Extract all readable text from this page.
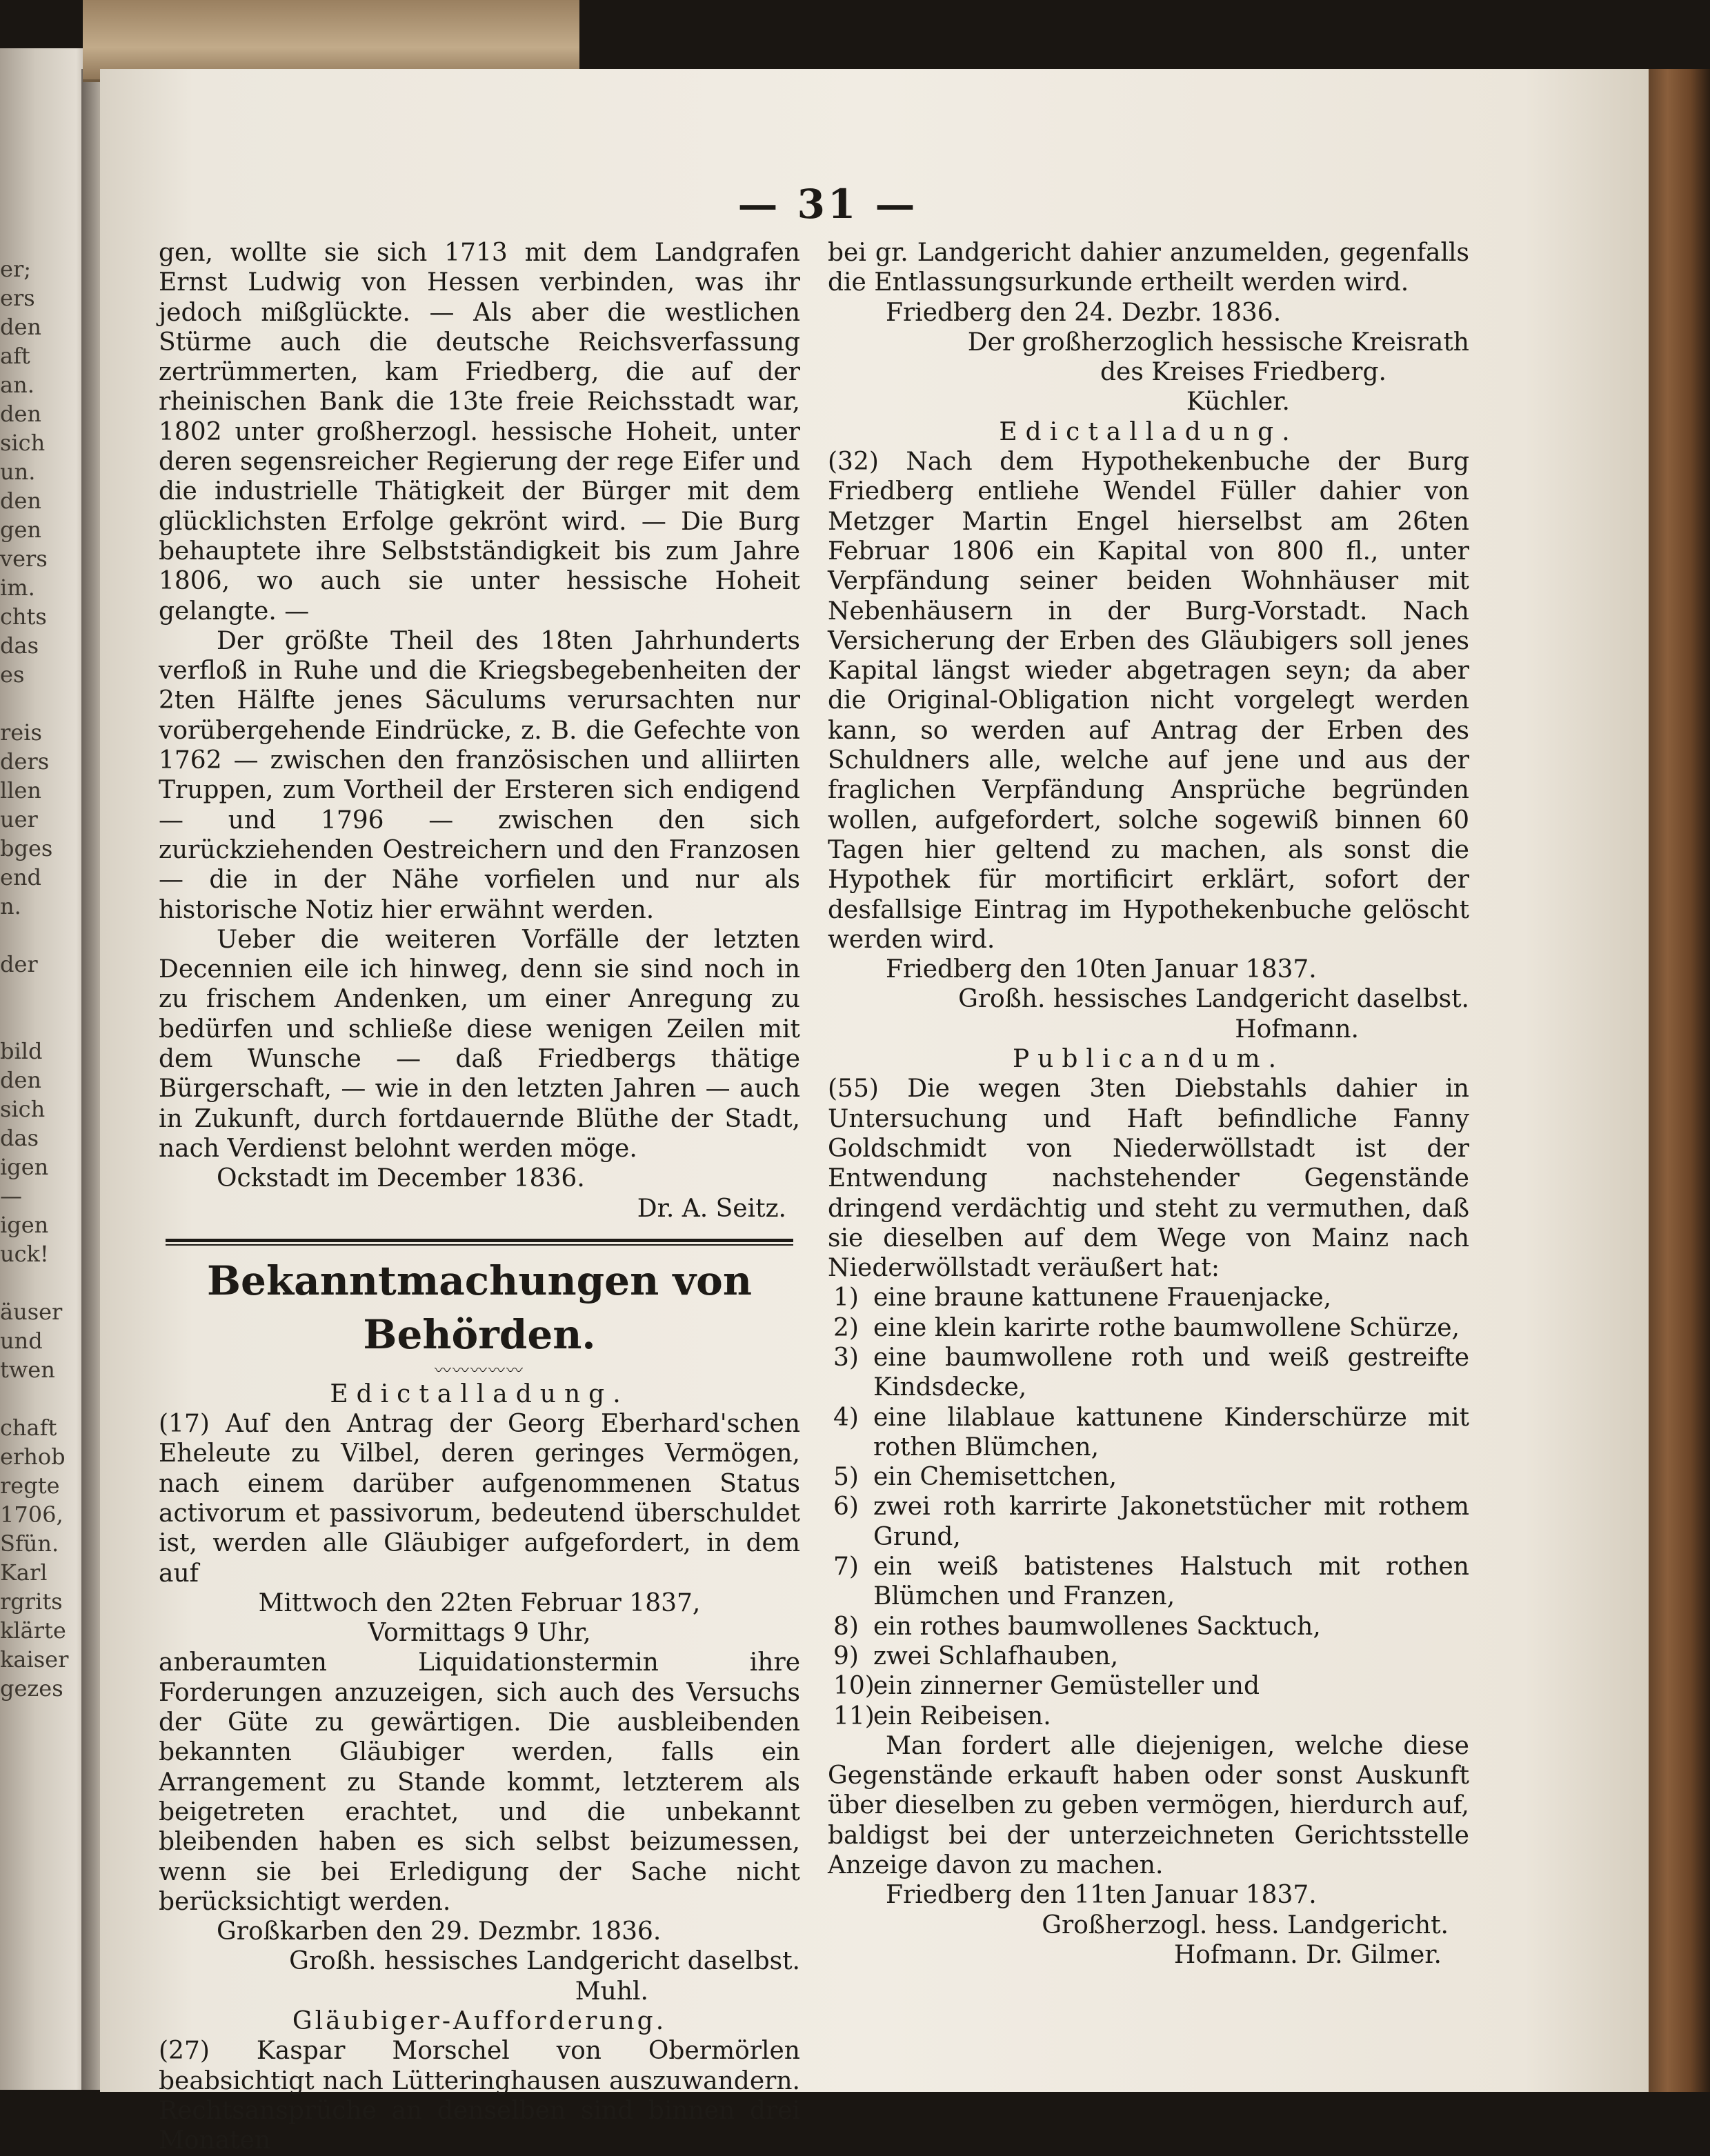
er;
ers
den
aft
an.
den
sich
un.
den
gen
vers
im.
chts
das
es
reis
ders
llen
uer
bges
end
n.
der
bild
den
sich
das
igen
—
igen
uck!
äuser
und
twen
chaft
erhob
regte
1706,
Sfün.
Karl
rgrits
klärte
kaiser
gezes
— 31 —

gen, wollte sie sich 1713 mit dem Landgrafen Ernst Ludwig von Hessen verbinden, was ihr jedoch mißglückte. — Als aber die westlichen Stürme auch die deutsche Reichsverfassung zertrümmerten, kam Friedberg, die auf der rheinischen Bank die 13te freie Reichsstadt war, 1802 unter großherzogl. hessische Hoheit, unter deren segensreicher Regierung der rege Eifer und die industrielle Thätigkeit der Bürger mit dem glücklichsten Erfolge gekrönt wird. — Die Burg behauptete ihre Selbstständigkeit bis zum Jahre 1806, wo auch sie unter hessische Hoheit gelangte. —

Der größte Theil des 18ten Jahrhunderts verfloß in Ruhe und die Kriegsbegebenheiten der 2ten Hälfte jenes Säculums verursachten nur vorübergehende Eindrücke, z. B. die Gefechte von 1762 — zwischen den französischen und alliirten Truppen, zum Vortheil der Ersteren sich endigend — und 1796 — zwischen den sich zurückziehenden Oestreichern und den Franzosen — die in der Nähe vorfielen und nur als historische Notiz hier erwähnt werden.

Ueber die weiteren Vorfälle der letzten Decennien eile ich hinweg, denn sie sind noch in zu frischem Andenken, um einer Anregung zu bedürfen und schließe diese wenigen Zeilen mit dem Wunsche — daß Friedbergs thätige Bürgerschaft, — wie in den letzten Jahren — auch in Zukunft, durch fortdauernde Blüthe der Stadt, nach Verdienst belohnt werden möge.

Ockstadt im December 1836.

Dr. A. Seitz.

Bekanntmachungen von Behörden.

〰〰〰〰〰

Edictalladung.

(17) Auf den Antrag der Georg Eberhard'schen Eheleute zu Vilbel, deren geringes Vermögen, nach einem darüber aufgenommenen Status activorum et passivorum, bedeutend überschuldet ist, werden alle Gläubiger aufgefordert, in dem auf

Mittwoch den 22ten Februar 1837,

Vormittags 9 Uhr,

anberaumten Liquidationstermin ihre Forderungen anzuzeigen, sich auch des Versuchs der Güte zu gewärtigen. Die ausbleibenden bekannten Gläubiger werden, falls ein Arrangement zu Stande kommt, letzterem als beigetreten erachtet, und die unbekannt bleibenden haben es sich selbst beizumessen, wenn sie bei Erledigung der Sache nicht berücksichtigt werden.

Großkarben den 29. Dezmbr. 1836.

Großh. hessisches Landgericht daselbst.

Muhl.

Gläubiger-Aufforderung.

(27) Kaspar Morschel von Obermörlen beabsichtigt nach Lütteringhausen auszuwandern. Rechtsansprüche an denselben sind binnen drei Monaten

bei gr. Landgericht dahier anzumelden, gegenfalls die Entlassungsurkunde ertheilt werden wird.

Friedberg den 24. Dezbr. 1836.

Der großherzoglich hessische Kreisrath

des Kreises Friedberg.

Küchler.

Edictalladung.

(32) Nach dem Hypothekenbuche der Burg Friedberg entliehe Wendel Füller dahier von Metzger Martin Engel hierselbst am 26ten Februar 1806 ein Kapital von 800 fl., unter Verpfändung seiner beiden Wohnhäuser mit Nebenhäusern in der Burg-Vorstadt. Nach Versicherung der Erben des Gläubigers soll jenes Kapital längst wieder abgetragen seyn; da aber die Original-Obligation nicht vorgelegt werden kann, so werden auf Antrag der Erben des Schuldners alle, welche auf jene und aus der fraglichen Verpfändung Ansprüche begründen wollen, aufgefordert, solche sogewiß binnen 60 Tagen hier geltend zu machen, als sonst die Hypothek für mortificirt erklärt, sofort der desfallsige Eintrag im Hypothekenbuche gelöscht werden wird.

Friedberg den 10ten Januar 1837.

Großh. hessisches Landgericht daselbst.

Hofmann.

Publicandum.

(55) Die wegen 3ten Diebstahls dahier in Untersuchung und Haft befindliche Fanny Goldschmidt von Niederwöllstadt ist der Entwendung nachstehender Gegenstände dringend verdächtig und steht zu vermuthen, daß sie dieselben auf dem Wege von Mainz nach Niederwöllstadt veräußert hat:

1) eine braune kattunene Frauenjacke,
2) eine klein karirte rothe baumwollene Schürze,
3) eine baumwollene roth und weiß gestreifte Kindsdecke,
4) eine lilablaue kattunene Kinderschürze mit rothen Blümchen,
5) ein Chemisettchen,
6) zwei roth karrirte Jakonetstücher mit rothem Grund,
7) ein weiß batistenes Halstuch mit rothen Blümchen und Franzen,
8) ein rothes baumwollenes Sacktuch,
9) zwei Schlafhauben,
10)
ein zinnerner Gemüsteller und
11)
ein Reibeisen.

Man fordert alle diejenigen, welche diese Gegenstände erkauft haben oder sonst Auskunft über dieselben zu geben vermögen, hierdurch auf, baldigst bei der unterzeichneten Gerichtsstelle Anzeige davon zu machen.

Friedberg den 11ten Januar 1837.

Großherzogl. hess. Landgericht.

Hofmann. Dr. Gilmer.
